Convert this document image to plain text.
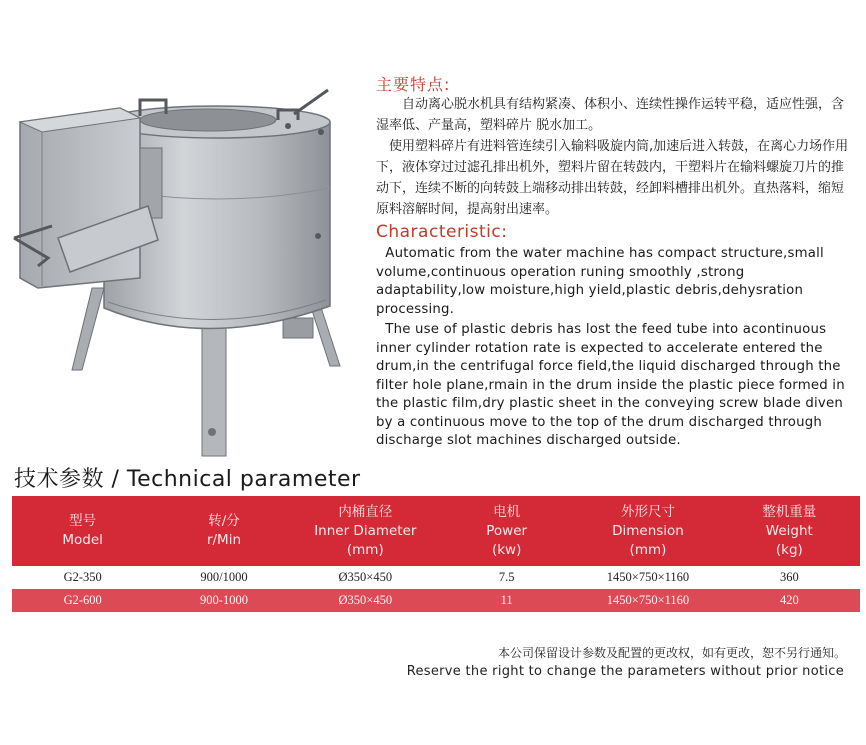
主要特点:
自动离心脱水机具有结构紧凑、体积小、连续性操作运转平稳，适应性强，含湿率低、产量高，塑料碎片 脱水加工。
使用塑料碎片有进料管连续引入输料吸旋内筒,加速后进入转鼓，在离心力场作用下，液体穿过过滤孔排出机外，塑料片留在转鼓内，干塑料片在输料螺旋刀片的推动下，连续不断的向转鼓上端移动排出转鼓，经卸料槽排出机外。直热落料，缩短原料溶解时间，提高射出速率。
Characteristic:
Automatic from the water machine has compact structure,small volume,continuous operation runing smoothly ,strong adaptability,low moisture,high yield,plastic debris,dehysration processing.
The use of plastic debris has lost the feed tube into acontinuous inner cylinder rotation rate is expected to accelerate entered the drum,in the centrifugal force field,the liquid discharged through the filter hole plane,rmain in the drum inside the plastic piece formed in the plastic film,dry plastic sheet in the conveying screw blade diven by a continuous move to the top of the drum discharged through discharge slot machines discharged outside.
技术参数 / Technical parameter
型号
Model	转/分
r/Min	内桶直径
Inner Diameter
(mm)	电机
Power
(kw)	外形尺寸
Dimension
(mm)	整机重量
Weight
(kg)

G2-350	900/1000	Ø350×450	7.5	1450×750×1160	360
G2-600	900-1000	Ø350×450	11	1450×750×1160	420
本公司保留设计参数及配置的更改权，如有更改，恕不另行通知。
Reserve the right to change the parameters without prior notice
